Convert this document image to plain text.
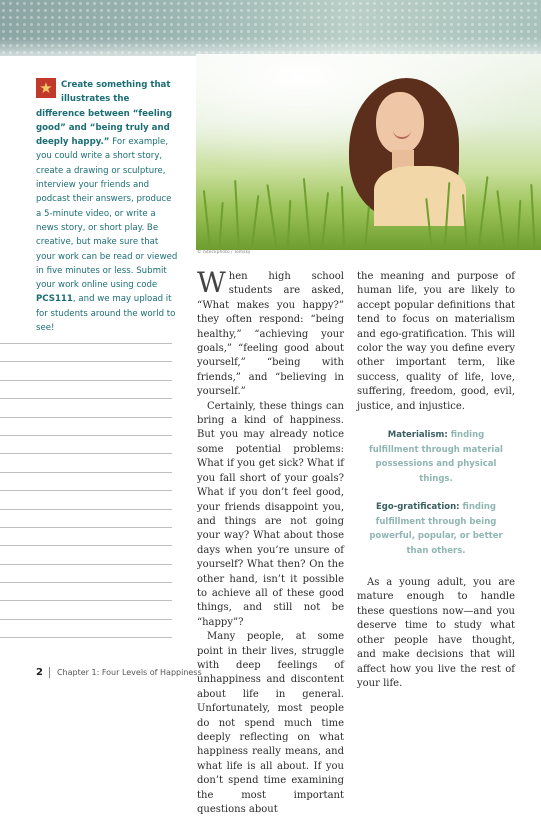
★ Create something that illustrates the difference between “feeling good” and “being truly and deeply happy.” For example, you could write a short story, create a drawing or sculpture, interview your friends and podcast their answers, produce a 5-minute video, or write a news story, or short play. Be creative, but make sure that your work can be read or viewed in five minutes or less. Submit your work online using code PCS111, and we may upload it for students around the world to see!
© iStockphoto / Tomsky

When high school students are asked, “What makes you happy?” they often respond: “being healthy,” “achieving your goals,” “feeling good about yourself,” “being with friends,” and “believing in yourself.”

Certainly, these things can bring a kind of happiness. But you may already notice some potential problems: What if you get sick? What if you fall short of your goals? What if you don’t feel good, your friends disappoint you, and things are not going your way? What about those days when you’re unsure of yourself? What then? On the other hand, isn’t it possible to achieve all of these good things, and still not be “happy”?

Many people, at some point in their lives, struggle with deep feelings of unhappiness and discontent about life in general. Unfortunately, most people do not spend much time deeply reflecting on what happiness really means, and what life is all about. If you don’t spend time examining the most important questions about

the meaning and purpose of human life, you are likely to accept popular definitions that tend to focus on materialism and ego-gratification. This will color the way you define every other important term, like success, quality of life, love, suffering, freedom, good, evil, justice, and injustice.

Materialism: finding fulfillment through material possessions and physical things.
Ego-gratification: finding fulfillment through being powerful, popular, or better than others.

As a young adult, you are mature enough to handle these questions now—and you deserve time to study what other people have thought, and make decisions that will affect how you live the rest of your life.

2 Chapter 1: Four Levels of Happiness
